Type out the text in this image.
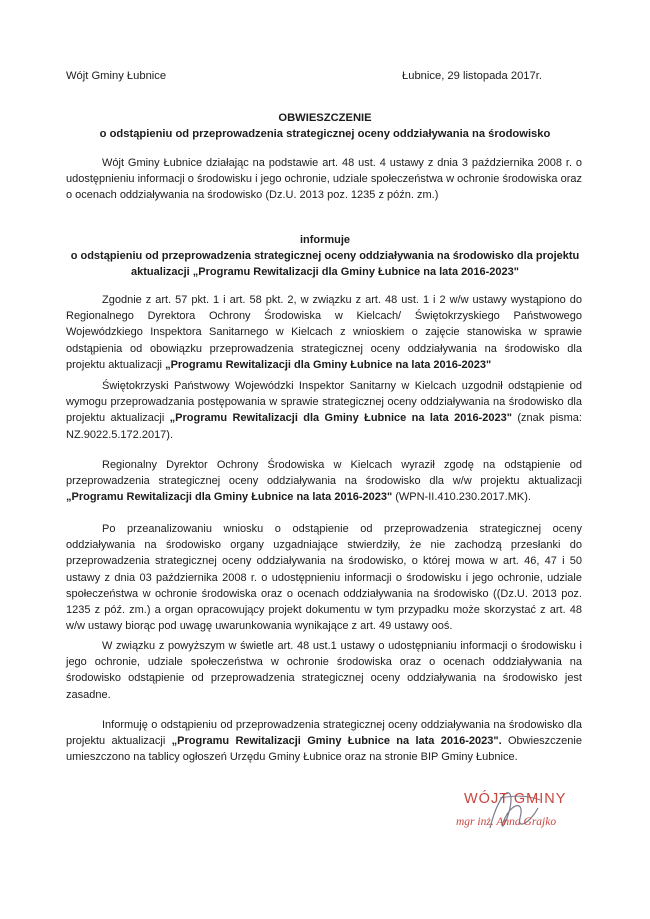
Wójt Gminy Łubnice	Łubnice, 29 listopada 2017r.
OBWIESZCZENIE
o odstąpieniu od przeprowadzenia strategicznej oceny oddziaływania na środowisko

Wójt Gminy Łubnice działając na podstawie art. 48 ust. 4 ustawy z dnia 3 października 2008 r. o udostępnieniu informacji o środowisku i jego ochronie, udziale społeczeństwa w ochronie środowiska oraz o ocenach oddziaływania na środowisko (Dz.U. 2013 poz. 1235 z późn. zm.)

informuje
o odstąpieniu od przeprowadzenia strategicznej oceny oddziaływania na środowisko dla projektu
aktualizacji „Programu Rewitalizacji dla Gminy Łubnice na lata 2016-2023"

Zgodnie z art. 57 pkt. 1 i art. 58 pkt. 2, w związku z art. 48 ust. 1 i 2 w/w ustawy wystąpiono do Regionalnego Dyrektora Ochrony Środowiska w Kielcach/ Świętokrzyskiego Państwowego Wojewódzkiego Inspektora Sanitarnego w Kielcach z wnioskiem o zajęcie stanowiska w sprawie odstąpienia od obowiązku przeprowadzenia strategicznej oceny oddziaływania na środowisko dla projektu aktualizacji „Programu Rewitalizacji dla Gminy Łubnice na lata 2016-2023"

Świętokrzyski Państwowy Wojewódzki Inspektor Sanitarny w Kielcach uzgodnił odstąpienie od wymogu przeprowadzania postępowania w sprawie strategicznej oceny oddziaływania na środowisko dla projektu aktualizacji „Programu Rewitalizacji dla Gminy Łubnice na lata 2016-2023" (znak pisma: NZ.9022.5.172.2017).

Regionalny Dyrektor Ochrony Środowiska w Kielcach wyraził zgodę na odstąpienie od przeprowadzenia strategicznej oceny oddziaływania na środowisko dla w/w projektu aktualizacji „Programu Rewitalizacji dla Gminy Łubnice na lata 2016-2023" (WPN-II.410.230.2017.MK).

Po przeanalizowaniu wniosku o odstąpienie od przeprowadzenia strategicznej oceny oddziaływania na środowisko organy uzgadniające stwierdziły, że nie zachodzą przesłanki do przeprowadzenia strategicznej oceny oddziaływania na środowisko, o której mowa w art. 46, 47 i 50 ustawy z dnia 03 października 2008 r. o udostępnieniu informacji o środowisku i jego ochronie, udziale społeczeństwa w ochronie środowiska oraz o ocenach oddziaływania na środowisko ((Dz.U. 2013 poz. 1235 z póź. zm.) a organ opracowujący projekt dokumentu w tym przypadku może skorzystać z art. 48 w/w ustawy biorąc pod uwagę uwarunkowania wynikające z art. 49 ustawy ooś.

W związku z powyższym w świetle art. 48 ust.1 ustawy o udostępnianiu informacji o środowisku i jego ochronie, udziale społeczeństwa w ochronie środowiska oraz o ocenach oddziaływania na środowisko odstąpienie od przeprowadzenia strategicznej oceny oddziaływania na środowisko jest zasadne.

Informuję o odstąpieniu od przeprowadzenia strategicznej oceny oddziaływania na środowisko dla projektu aktualizacji „Programu Rewitalizacji Gminy Łubnice na lata 2016-2023". Obwieszczenie umieszczono na tablicy ogłoszeń Urzędu Gminy Łubnice oraz na stronie BIP Gminy Łubnice.

WÓJT GMINY
mgr inż. Anna Grajko
